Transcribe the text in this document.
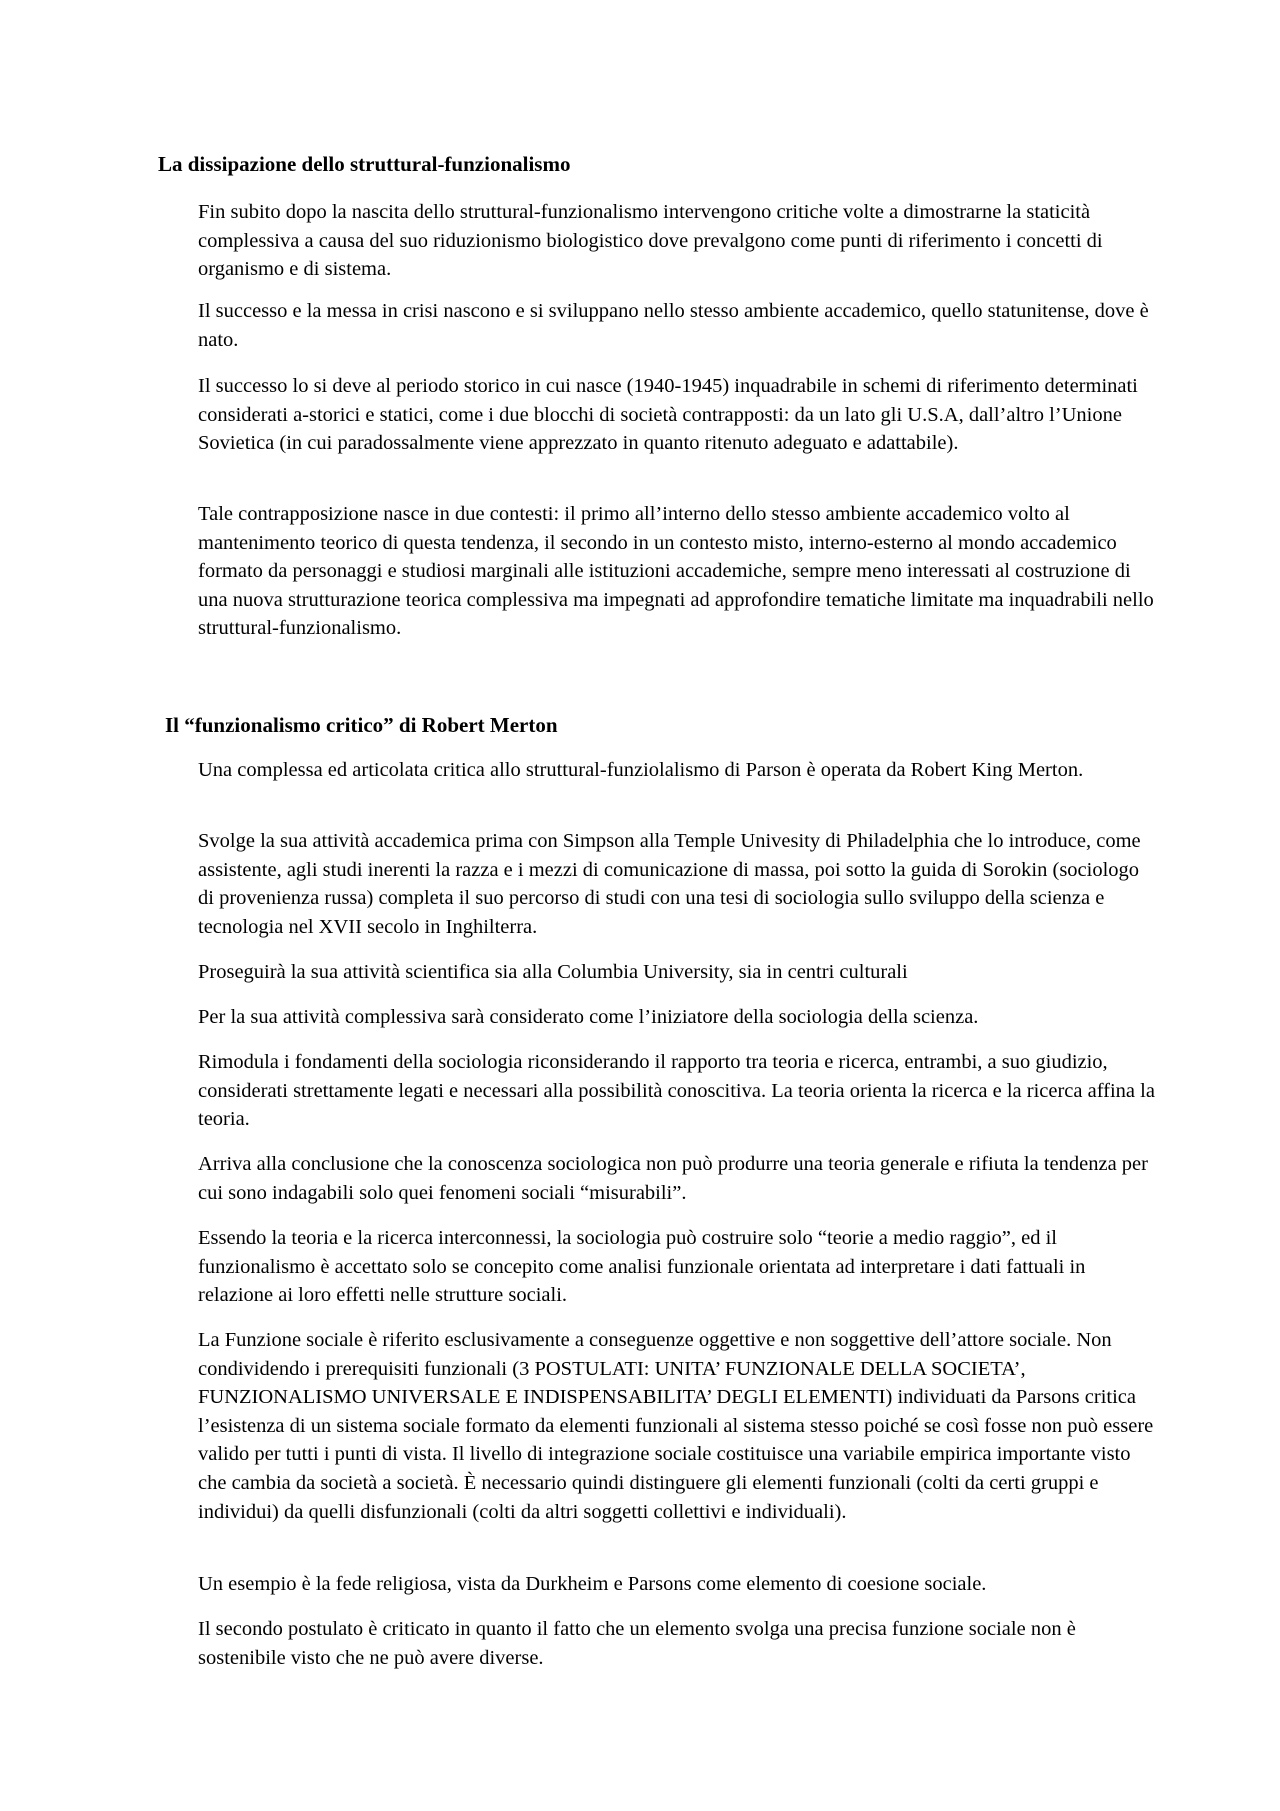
La dissipazione dello struttural-funzionalismo

Fin subito dopo la nascita dello struttural-funzionalismo intervengono critiche volte a dimostrarne la staticità complessiva a causa del suo riduzionismo biologistico dove prevalgono come punti di riferimento i concetti di organismo e di sistema.

Il successo e la messa in crisi nascono e si sviluppano nello stesso ambiente accademico, quello statunitense, dove è nato.

Il successo lo si deve al periodo storico in cui nasce (1940-1945) inquadrabile in schemi di riferimento determinati considerati a-storici e statici, come i due blocchi di società contrapposti: da un lato gli U.S.A, dall’altro l’Unione Sovietica (in cui paradossalmente viene apprezzato in quanto ritenuto adeguato e adattabile).

Tale contrapposizione nasce in due contesti: il primo all’interno dello stesso ambiente accademico volto al mantenimento teorico di questa tendenza, il secondo in un contesto misto, interno-esterno al mondo accademico formato da personaggi e studiosi marginali alle istituzioni accademiche, sempre meno interessati al costruzione di una nuova strutturazione teorica complessiva ma impegnati ad approfondire tematiche limitate ma inquadrabili nello struttural-funzionalismo.

Il “funzionalismo critico” di Robert Merton

Una complessa ed articolata critica allo struttural-funziolalismo di Parson è operata da Robert King Merton.

Svolge la sua attività accademica prima con Simpson alla Temple Univesity di Philadelphia che lo introduce, come assistente, agli studi inerenti la razza e i mezzi di comunicazione di massa, poi sotto la guida di Sorokin (sociologo di provenienza russa) completa il suo percorso di studi con una tesi di sociologia sullo sviluppo della scienza e tecnologia nel XVII secolo in Inghilterra.

Proseguirà la sua attività scientifica sia alla Columbia University, sia in centri culturali

Per la sua attività complessiva sarà considerato come l’iniziatore della sociologia della scienza.

Rimodula i fondamenti della sociologia riconsiderando il rapporto tra teoria e ricerca, entrambi, a suo giudizio, considerati strettamente legati e necessari alla possibilità conoscitiva. La teoria orienta la ricerca e la ricerca affina la teoria.

Arriva alla conclusione che la conoscenza sociologica non può produrre una teoria generale e rifiuta la tendenza per cui sono indagabili solo quei fenomeni sociali “misurabili”.

Essendo la teoria e la ricerca interconnessi, la sociologia può costruire solo “teorie a medio raggio”, ed il funzionalismo è accettato solo se concepito come analisi funzionale orientata ad interpretare i dati fattuali in relazione ai loro effetti nelle strutture sociali.

La Funzione sociale è riferito esclusivamente a conseguenze oggettive e non soggettive dell’attore sociale. Non condividendo i prerequisiti funzionali (3 POSTULATI: UNITA’ FUNZIONALE DELLA SOCIETA’, FUNZIONALISMO UNIVERSALE E INDISPENSABILITA’ DEGLI ELEMENTI) individuati da Parsons critica l’esistenza di un sistema sociale formato da elementi funzionali al sistema stesso poiché se così fosse non può essere valido per tutti i punti di vista. Il livello di integrazione sociale costituisce una variabile empirica importante visto che cambia da società a società. È necessario quindi distinguere gli elementi funzionali (colti da certi gruppi e individui) da quelli disfunzionali (colti da altri soggetti collettivi e individuali).

Un esempio è la fede religiosa, vista da Durkheim e Parsons come elemento di coesione sociale.

Il secondo postulato è criticato in quanto il fatto che un elemento svolga una precisa funzione sociale non è sostenibile visto che ne può avere diverse.
